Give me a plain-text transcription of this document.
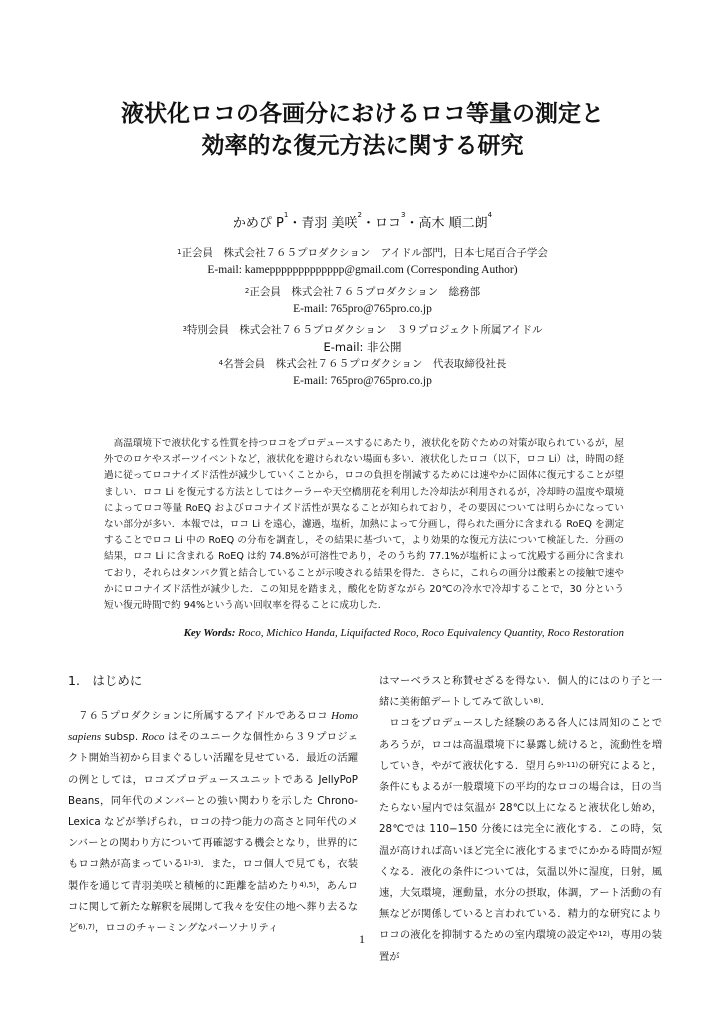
液状化ロコの各画分におけるロコ等量の測定と
効率的な復元方法に関する研究
かめぴ $P^1$・青羽 美咲$^2$・ロコ$^3$・高木 順二朗$^4$
$^1$正会員　株式会社７６５プロダクション　アイドル部門，日本七尾百合子学会
E-mail: kameppppppppppppp@gmail.com (Corresponding Author)
$^2$正会員　株式会社７６５プロダクション　総務部
E-mail: 765pro@765pro.co.jp
$^3$特別会員　株式会社７６５プロダクション　３９プロジェクト所属アイドル
E-mail: 非公開
$^4$名誉会員　株式会社７６５プロダクション　代表取締役社長
E-mail: 765pro@765pro.co.jp

高温環境下で液状化する性質を持つロコをプロデュースするにあたり，液状化を防ぐための対策が取られているが，屋外でのロケやスポーツイベントなど，液状化を避けられない場面も多い．液状化したロコ（以下，ロコ Li）は，時間の経過に従ってロコナイズド活性が減少していくことから，ロコの負担を削減するためには速やかに固体に復元することが望ましい．ロコ Li を復元する方法としてはクーラーや天空橋朋花を利用した冷却法が利用されるが，冷却時の温度や環境によってロコ等量 RoEQ およびロコナイズド活性が異なることが知られており，その要因については明らかになっていない部分が多い．本報では，ロコ Li を遠心，濾過，塩析，加熱によって分画し，得られた画分に含まれる RoEQ を測定することでロコ Li 中の RoEQ の分布を調査し，その結果に基づいて，より効果的な復元方法について検証した．分画の結果，ロコ Li に含まれる RoEQ は約 74.8%が可溶性であり，そのうち約 77.1%が塩析によって沈殿する画分に含まれており，それらはタンパク質と結合していることが示唆される結果を得た．さらに，これらの画分は酸素との接触で速やかにロコナイズド活性が減少した．この知見を踏まえ，酸化を防ぎながら 20℃の冷水で冷却することで，30 分という短い復元時間で約 94%という高い回収率を得ることに成功した．

Key Words: Roco, Michico Handa, Liquifacted Roco, Roco Equivalency Quantity, Roco Restoration
1.　はじめに

７６５プロダクションに所属するアイドルであるロコ Homo sapiens subsp. Roco はそのユニークな個性から３９プロジェクト開始当初から目まぐるしい活躍を見せている．最近の活躍の例としては，ロコズプロデュースユニットである JellyPoP Beans，同年代のメンバーとの強い関わりを示した Chrono-Lexica などが挙げられ，ロコの持つ能力の高さと同年代のメンバーとの関わり方について再確認する機会となり，世界的にもロコ熱が高まっている$^{1)-3)}$．また，ロコ個人で見ても，衣装製作を通じて青羽美咲と積極的に距離を詰めたり$^{4),5)}$，あんロコに関して新たな解釈を展開して我々を安住の地へ葬り去るなど$^{6),7)}$，ロコのチャーミングなパーソナリティ

はマーベラスと称賛せざるを得ない．個人的にはのり子と一緒に美術館デートしてみて欲しい$^{8)}$．
ロコをプロデュースした経験のある各人には周知のことであろうが，ロコは高温環境下に暴露し続けると，流動性を増していき，やがて液状化する．望月ら$^{9)-11)}$の研究によると，条件にもよるが一般環境下の平均的なロコの場合は，日の当たらない屋内では気温が 28℃以上になると液状化し始め，28℃では 110−150 分後には完全に液化する．この時，気温が高ければ高いほど完全に液化するまでにかかる時間が短くなる．液化の条件については，気温以外に湿度，日射，風速，大気環境，運動量，水分の摂取，体調，アート活動の有無などが関係していると言われている．精力的な研究によりロコの液化を抑制するための室内環境の設定や$^{12)}$，専用の装置が

1
